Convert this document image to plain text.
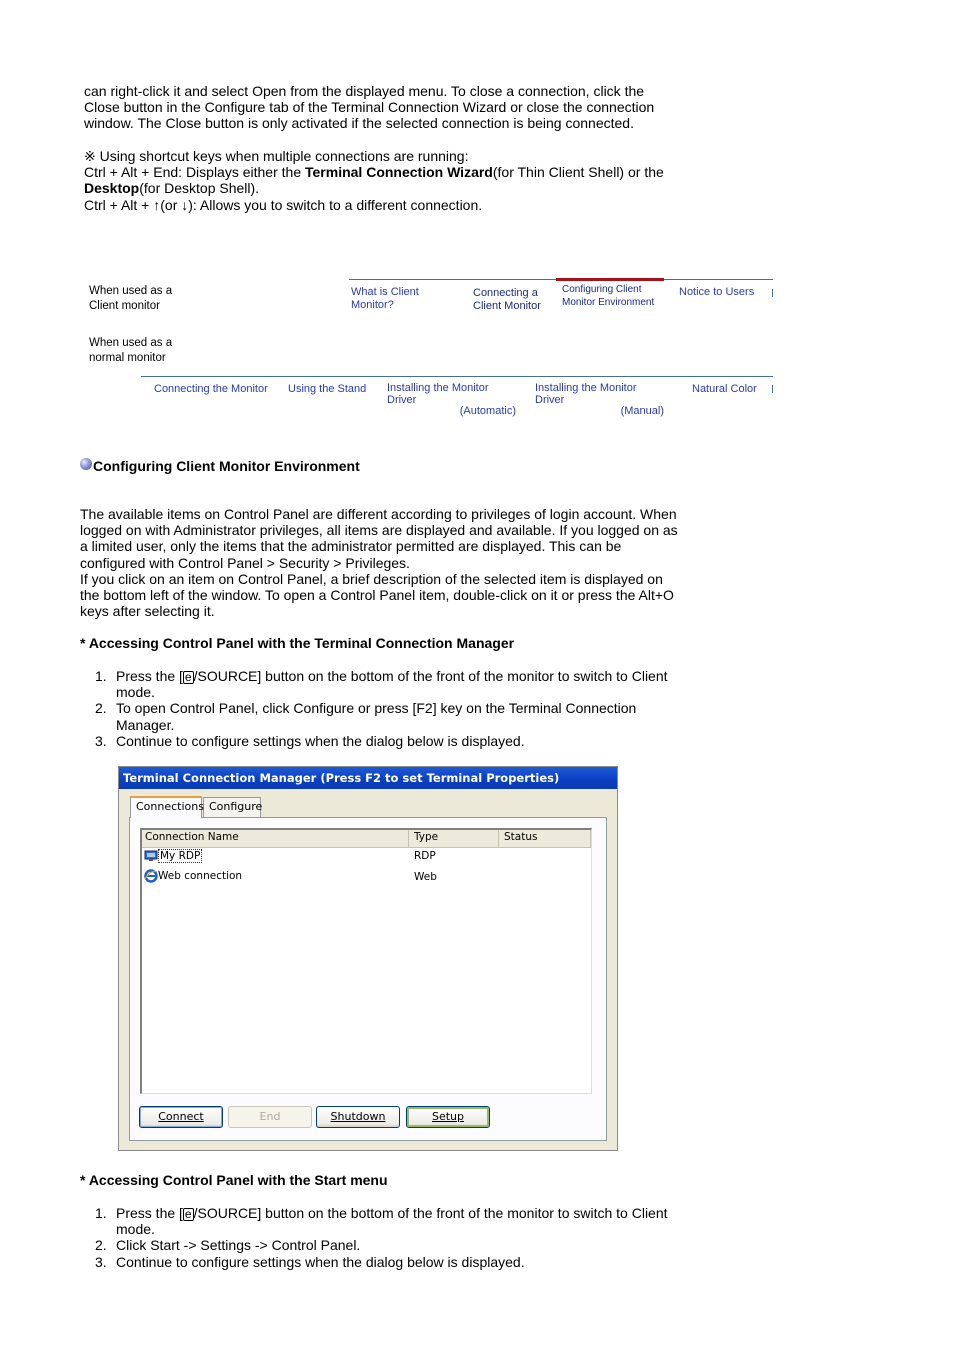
can right-click it and select Open from the displayed menu. To close a connection, click the
Close button in the Configure tab of the Terminal Connection Wizard or close the connection
window. The Close button is only activated if the selected connection is being connected.
※ Using shortcut keys when multiple connections are running:
Ctrl + Alt + End: Displays either the Terminal Connection Wizard(for Thin Client Shell) or the
Desktop(for Desktop Shell).
Ctrl + Alt + ↑(or ↓): Allows you to switch to a different connection.
When used as a
Client monitor
When used as a
normal monitor
What is Client
Monitor?
Connecting a
Client Monitor
Configuring Client
Monitor Environment
Notice to Users
Connecting the Monitor Using the Stand Installing the Monitor Driver
(Automatic)
Installing the Monitor Driver
(Manual)
Natural Color
Configuring Client Monitor Environment
The available items on Control Panel are different according to privileges of login account. When
logged on with Administrator privileges, all items are displayed and available. If you logged on as
a limited user, only the items that the administrator permitted are displayed. This can be
configured with Control Panel > Security > Privileges.
If you click on an item on Control Panel, a brief description of the selected item is displayed on
the bottom left of the window. To open a Control Panel item, double-click on it or press the Alt+O
keys after selecting it.
* Accessing Control Panel with the Terminal Connection Manager
1. Press the [ e /SOURCE] button on the bottom of the front of the monitor to switch to Client
mode.
2. To open Control Panel, click Configure or press [F2] key on the Terminal Connection
Manager.
3. Continue to configure settings when the dialog below is displayed.
Terminal Connection Manager (Press F2 to set Terminal Properties)
Connections Configure
Connection Name	Type	Status
My RDP	RDP
Web connection	Web
Connect	End	Shutdown	Setup
* Accessing Control Panel with the Start menu
1. Press the [ e /SOURCE] button on the bottom of the front of the monitor to switch to Client
mode.
2. Click Start -> Settings -> Control Panel.
3. Continue to configure settings when the dialog below is displayed.
